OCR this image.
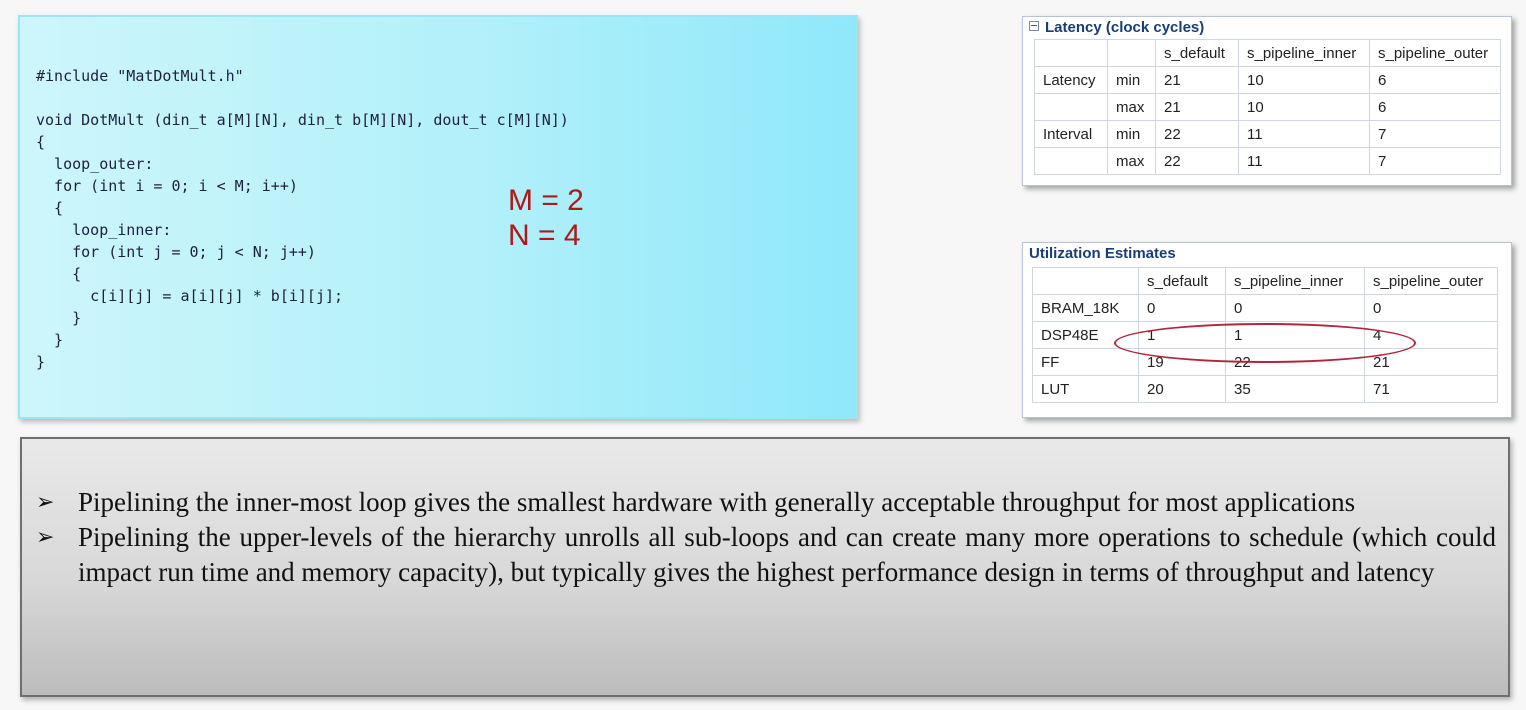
#include "MatDotMult.h"

void DotMult (din_t a[M][N], din_t b[M][N], dout_t c[M][N])
{
loop_outer:
for (int i = 0; i < M; i++)
{
loop_inner:
for (int j = 0; j < N; j++)
{
c[i][j] = a[i][j] * b[i][j];
}
}
}
M = 2
N = 4
Latency (clock cycles)
		s_default	s_pipeline_inner	s_pipeline_outer
Latency	min	21	10	6
	max	21	10	6
Interval	min	22	11	7
	max	22	11	7
Utilization Estimates
	s_default	s_pipeline_inner	s_pipeline_outer
BRAM_18K	0	0	0
DSP48E	1	1	4
FF	19	22	21
LUT	20	35	71
➢ Pipelining the inner-most loop gives the smallest hardware with generally acceptable throughput for most applications
➢ Pipelining the upper-levels of the hierarchy unrolls all sub-loops and can create many more operations to schedule (which could impact run time and memory capacity), but typically gives the highest performance design in terms of throughput and latency
